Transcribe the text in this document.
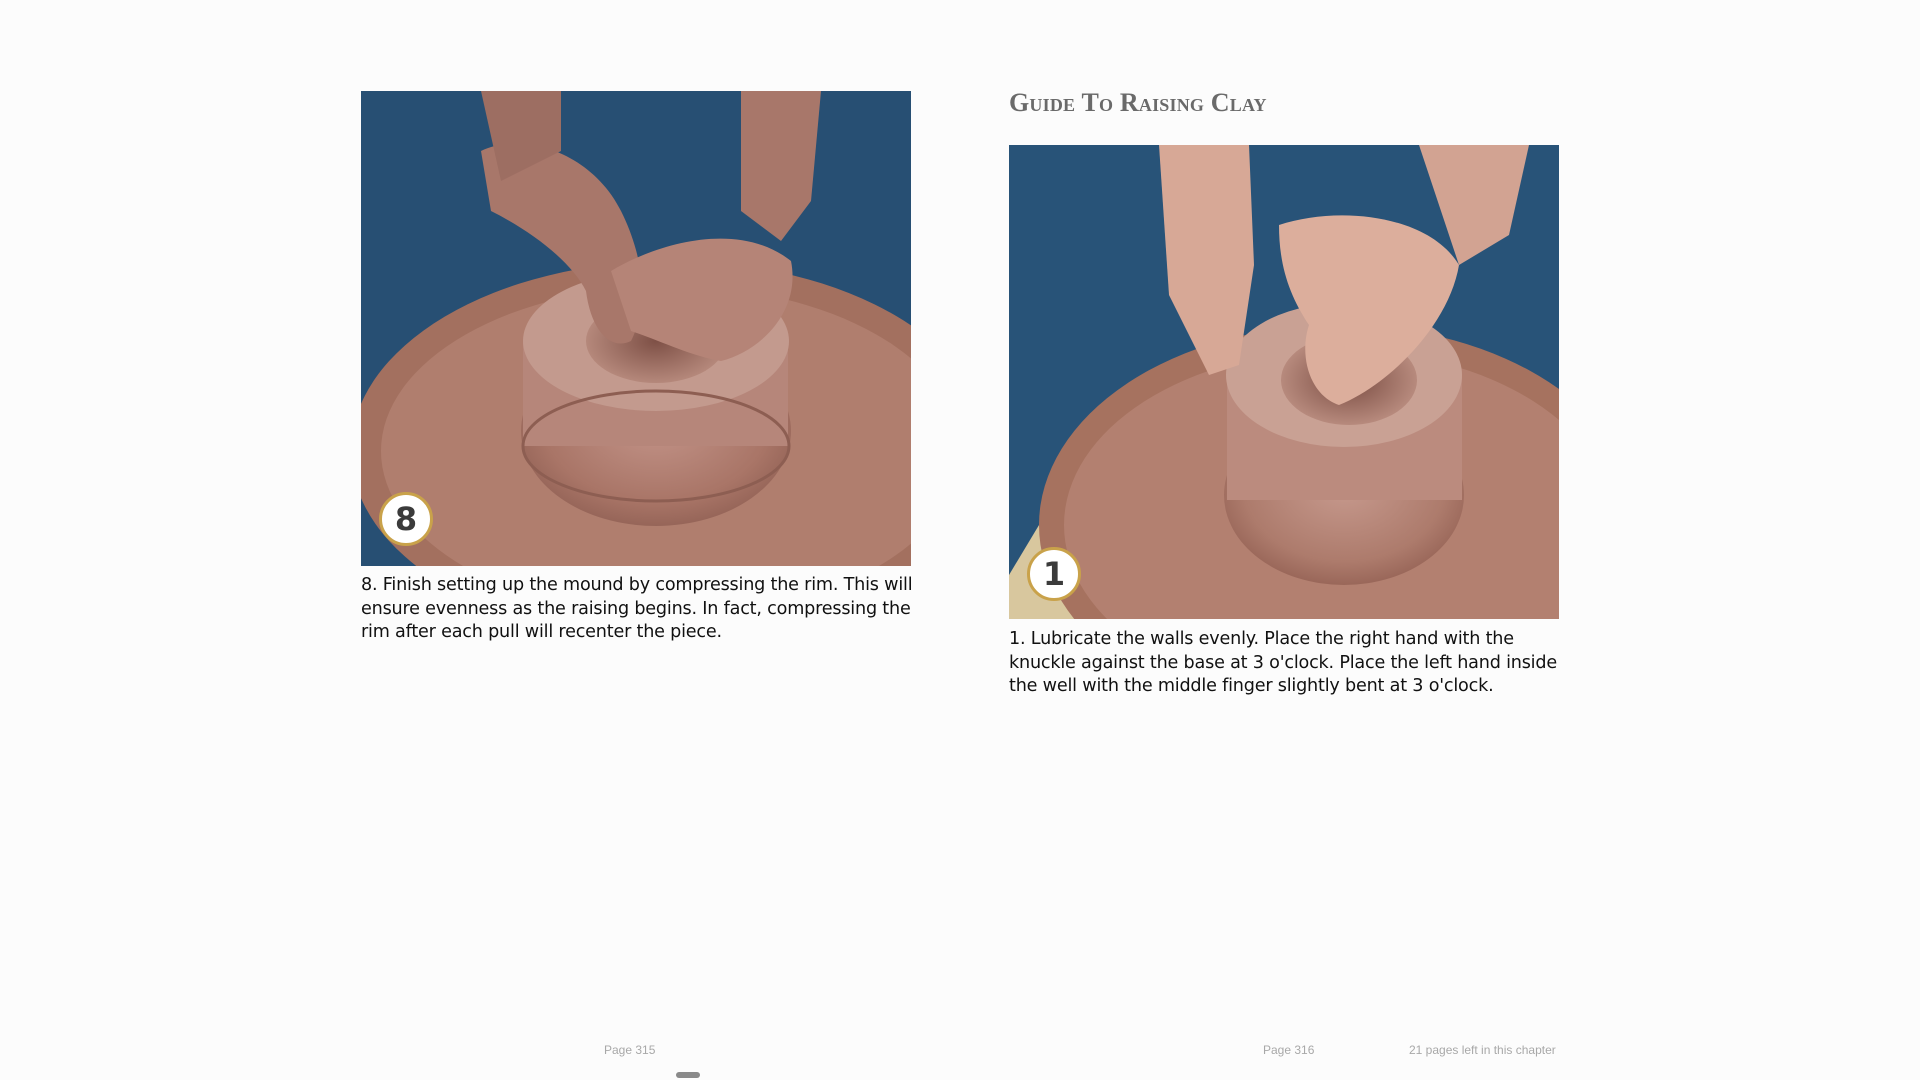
8
8. Finish setting up the mound by compressing the rim. This will ensure evenness as the raising begins. In fact, compressing the rim after each pull will recenter the piece.
Guide To Raising Clay
1
1. Lubricate the walls evenly. Place the right hand with the knuckle against the base at 3 o'clock. Place the left hand inside the well with the middle finger slightly bent at 3 o'clock.
Page 315	Page 316	21 pages left in this chapter
